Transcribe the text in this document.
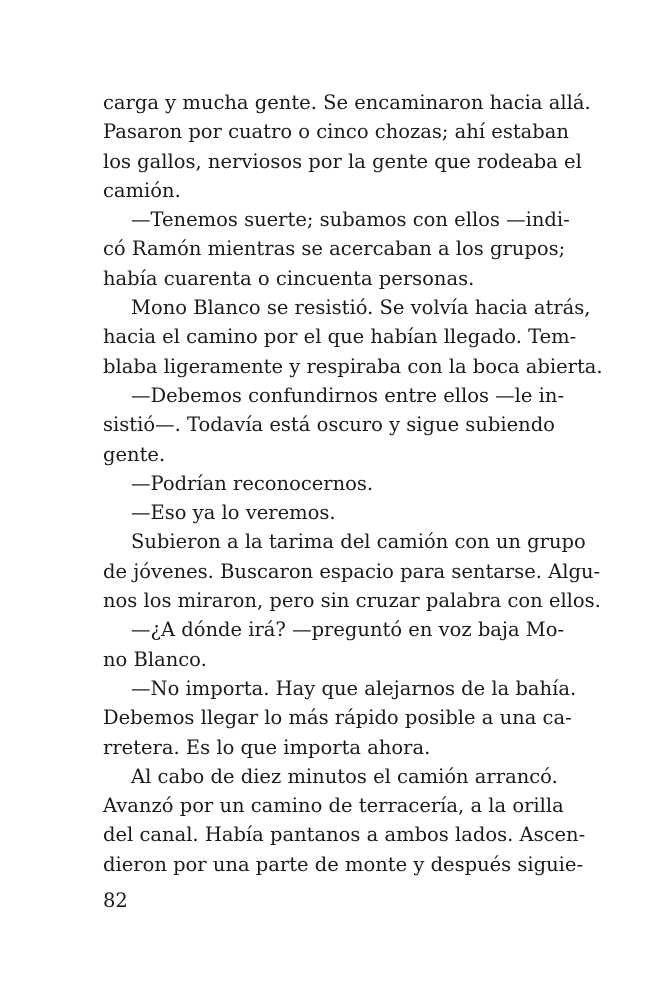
carga y mucha gente. Se encaminaron hacia allá.
Pasaron por cuatro o cinco chozas; ahí estaban
los gallos, nerviosos por la gente que rodeaba el
camión.
—Tenemos suerte; subamos con ellos —indi-
có Ramón mientras se acercaban a los grupos;
había cuarenta o cincuenta personas.
Mono Blanco se resistió. Se volvía hacia atrás,
hacia el camino por el que habían llegado. Tem-
blaba ligeramente y respiraba con la boca abierta.
—Debemos confundirnos entre ellos —le in-
sistió—. Todavía está oscuro y sigue subiendo
gente.
—Podrían reconocernos.
—Eso ya lo veremos.
Subieron a la tarima del camión con un grupo
de jóvenes. Buscaron espacio para sentarse. Algu-
nos los miraron, pero sin cruzar palabra con ellos.
—¿A dónde irá? —preguntó en voz baja Mo-
no Blanco.
—No importa. Hay que alejarnos de la bahía.
Debemos llegar lo más rápido posible a una ca-
rretera. Es lo que importa ahora.
Al cabo de diez minutos el camión arrancó.
Avanzó por un camino de terracería, a la orilla
del canal. Había pantanos a ambos lados. Ascen-
dieron por una parte de monte y después siguie-
82
